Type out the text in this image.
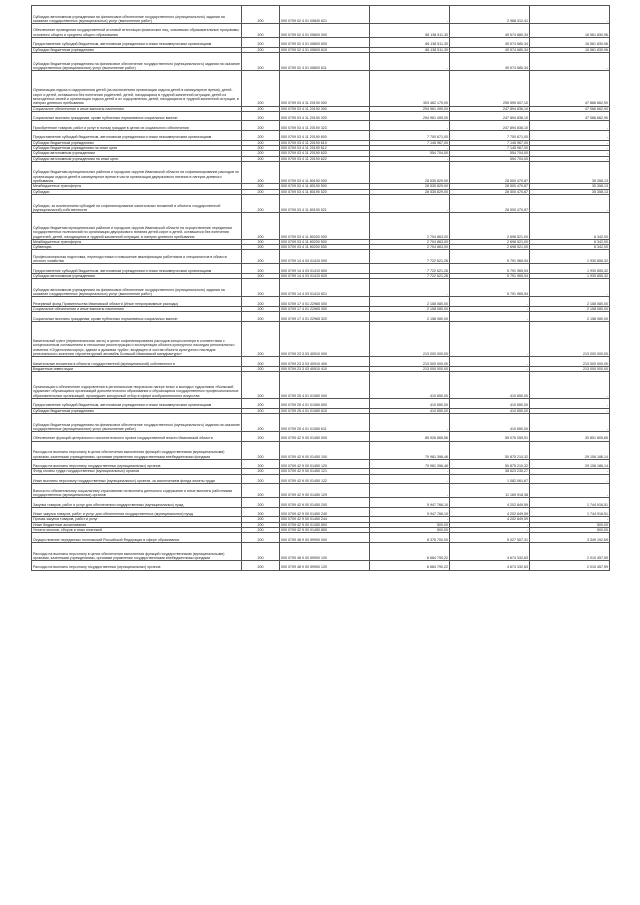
Субсидии автономным учреждениям на финансовое обеспечение государственного (муниципального) задания на оказание государственных (муниципальных) услуг (выполнение работ)	200	000 0709 02 4 01 05840 621	-	2 968 312,41	-
Обеспечение проведения государственной итоговой аттестации физических лиц, освоивших образовательные программы основного общего и среднего общего образования	200	000 0709 02 4 01 05600 000	66 138 511,30	49 574 680,34	16 561 830,96
Предоставление субсидий бюджетным, автономным учреждениям и иным некоммерческим организациям	200	000 0709 02 4 01 05600 600	66 138 511,30	49 574 680,34	16 561 830,96
Субсидии бюджетным учреждениям	200	000 0709 02 4 01 05600 610	66 138 511,30	49 574 680,34	16 561 830,96
Субсидии бюджетным учреждениям на финансовое обеспечение государственного (муниципального) задания на оказание государственных (муниципальных) услуг (выполнение работ)	200	000 0709 02 4 01 05600 611	-	49 574 680,34	-
Организация отдыха и оздоровления детей (за исключением организации отдыха детей в каникулярное время), детей-сирот и детей, оставшихся без попечения родителей, детей, находящихся в трудной жизненной ситуации, детей из многодетных семей и организации отдыха детей и их оздоровления, детей, находящихся в трудной жизненной ситуации, в лагерях дневного пребывания	200	000 0709 03 4 11 20190 000	303 462 170,00	255 595 507,10	47 866 662,90
Социальное обеспечение и иные выплаты населению	200	000 0709 03 4 11 20190 300	294 961 499,00	247 894 836,10	47 066 662,90
Социальные выплаты гражданам, кроме публичных нормативных социальных выплат	200	000 0709 03 4 11 20190 320	294 961 499,00	247 894 836,10	47 066 662,90
Приобретение товаров, работ и услуг в пользу граждан в целях их социального обеспечения	200	000 0709 03 4 11 20190 323	-	247 894 836,10	-
Предоставление субсидий бюджетным, автономным учреждениям и иным некоммерческим организациям	200	000 0709 03 4 11 20190 600	7 700 671,00	7 700 671,00	-
Субсидии бюджетным учреждениям	200	000 0709 03 4 11 20190 610	7 145 967,00	7 145 967,00	-
Субсидии бюджетным учреждениям на иные цели	200	000 0709 03 4 11 20190 612	-	7 145 967,00	-
Субсидии автономным учреждениям	200	000 0709 03 4 11 20190 620	554 704,00	554 704,00	-
Субсидии автономным учреждениям на иные цели	200	000 0709 03 4 11 20190 622	-	554 704,00	-
Субсидии бюджетам муниципальных районов и городских округов Ивановской области на софинансирование расходов по организации отдыха детей в каникулярное время в части организации двухразового питания в лагерях дневного пребывания	200	000 0709 03 4 11 80190 000	28 535 829,00	28 500 470,87	35 358,13
Межбюджетные трансферты	200	000 0709 03 4 11 80190 500	28 535 829,00	28 500 470,87	35 358,13
Субсидии	200	000 0709 03 4 11 80190 520	28 535 829,00	28 500 470,87	35 358,13
Субсидии, за исключением субсидий на софинансирование капитальных вложений в объекты государственной (муниципальной) собственности	200	000 0709 03 4 11 80190 521	-	28 500 470,87	-
Субсидии бюджетам муниципальных районов и городских округов Ивановской области на осуществление переданных государственных полномочий по организации двухразового питания детей-сирот и детей, оставшихся без попечения родителей, детей, находящихся в трудной жизненной ситуации, в лагерях дневного пребывания	200	000 0709 03 4 11 80200 000	2 704 863,00	2 698 521,00	6 342,00
Межбюджетные трансферты	200	000 0709 03 4 11 80200 500	2 704 863,00	2 698 521,00	6 342,00
Субвенции	200	000 0709 03 4 11 80200 530	2 704 863,00	2 698 521,00	6 342,00
Профессиональная подготовка, переподготовка и повышение квалификации работников и специалистов в области лесного хозяйства	200	000 0709 14 4 03 01410 000	7 722 621,26	5 791 965,94	1 930 655,32
Предоставление субсидий бюджетным, автономным учреждениям и иным некоммерческим организациям	200	000 0709 14 4 03 01410 600	7 722 621,26	5 791 965,94	1 930 655,32
Субсидии автономным учреждениям	200	000 0709 14 4 03 01410 620	7 722 621,26	5 791 965,94	1 930 655,32
Субсидии автономным учреждениям на финансовое обеспечение государственного (муниципального) задания на оказание государственных (муниципальных) услуг (выполнение работ)	200	000 0709 14 4 03 01410 621	-	5 791 965,94	-
Резервный фонд Правительства Ивановской области (Иные непрограммные расходы)	200	000 0709 17 4 01 22965 000	2 158 080,00	-	2 158 080,00
Социальное обеспечение и иные выплаты населению	200	000 0709 17 4 01 22965 300	2 158 080,00	-	2 158 080,00
Социальные выплаты гражданам, кроме публичных нормативных социальных выплат	200	000 0709 17 4 01 22965 320	2 158 080,00	-	2 158 080,00
Капитальный грант (первоначальная часть) в целях софинансирования расходов концессионера в соответствии с концессионным соглашением в отношении реконструкции и эксплуатации объекта культурного наследия регионального значения «Отделочная корпус, здание и дымовая труба», входящего в состав объекта культурного наследия регионального значения «Архитектурный ансамбль Большой Ивановской мануфактуры»	200	000 0709 23 3 03 40910 000	213 000 000,00	-	213 000 000,00
Капитальные вложения в объекты государственной (муниципальной) собственности	200	000 0709 23 3 03 40910 400	213 000 000,00	-	213 000 000,00
Бюджетные инвестиции	200	000 0709 23 3 03 40910 410	213 000 000,00	-	213 000 000,00
Организация и обеспечение оздоровления в региональном творческом лагере юных и молодых художников «Волжский художник» обучающихся организаций дополнительного образования и обучающихся государственных профессиональных образовательных организаций, прошедших конкурсный отбор в сфере изобразительного искусства	200	000 0709 25 4 01 01060 000	410 650,00	410 650,00	-
Предоставление субсидий бюджетным, автономным учреждениям и иным некоммерческим организациям	200	000 0709 25 4 01 01060 600	410 650,00	410 650,00	-
Субсидии бюджетным учреждениям	200	000 0709 25 4 01 01060 610	410 650,00	410 650,00	-
Субсидии бюджетным учреждениям на финансовое обеспечение государственного (муниципального) задания на оказание государственных (муниципальных) услуг (выполнение работ)	200	000 0709 25 4 01 01060 611	-	410 650,00	-
Обеспечение функций центрального исполнительного органа государственной власти Ивановской области	200	000 0709 42 9 00 01450 000	85 926 865,56	55 076 059,91	30 851 805,65
Расходы на выплаты персоналу в целях обеспечения выполнения функций государственными (муниципальными) органами, казенными учреждениями, органами управления государственными внебюджетными фондами	200	000 0709 42 9 00 01450 100	79 981 396,46	50 875 210,32	29 106 186,14
Расходы на выплаты персоналу государственных (муниципальных) органов	200	000 0709 42 9 00 01450 120	79 981 396,46	50 875 210,32	29 106 186,14
Фонд оплаты труда государственных (муниципальных) органов	200	000 0709 42 9 00 01450 121	-	38 623 230,27	-
Иные выплаты персоналу государственных (муниципальных) органов, за исключением фонда оплаты труда	200	000 0709 42 9 00 01450 122	-	1 082 061,67	-
Взносы по обязательному социальному страхованию на выплаты денежного содержания и иные выплаты работникам государственных (муниципальных) органов	200	000 0709 42 9 00 01450 129	-	11 169 918,38	-
Закупка товаров, работ и услуг для обеспечения государственных (муниципальных) нужд	200	000 0709 42 9 00 01450 200	5 947 766,10	4 202 849,59	1 744 916,51
Иные закупки товаров, работ и услуг для обеспечения государственных (муниципальных) нужд	200	000 0709 42 9 00 01450 240	5 947 766,10	4 202 849,59	1 744 916,51
Прочая закупка товаров, работ и услуг	200	000 0709 42 9 00 01450 244	-	4 202 849,59	-
Иные бюджетные ассигнования	200	000 0709 42 9 00 01450 800	500,00	-	500,00
Уплата налогов, сборов и иных платежей	200	000 0709 42 9 00 01450 850	500,00	-	500,00
Осуществление переданных полномочий Российской Федерации в сфере образования	200	000 0709 48 9 00 59900 000	8 376 700,00	5 027 507,31	3 349 192,69
Расходы на выплаты персоналу в целях обеспечения выполнения функций государственными (муниципальными) органами, казенными учреждениями, органами управления государственными внебюджетными фондами	200	000 0709 48 9 00 59900 100	6 684 790,22	4 674 332,63	2 010 457,59
Расходы на выплаты персоналу государственных (муниципальных) органов	200	000 0709 48 9 00 59900 120	6 684 790,22	4 674 332,63	2 010 457,59
